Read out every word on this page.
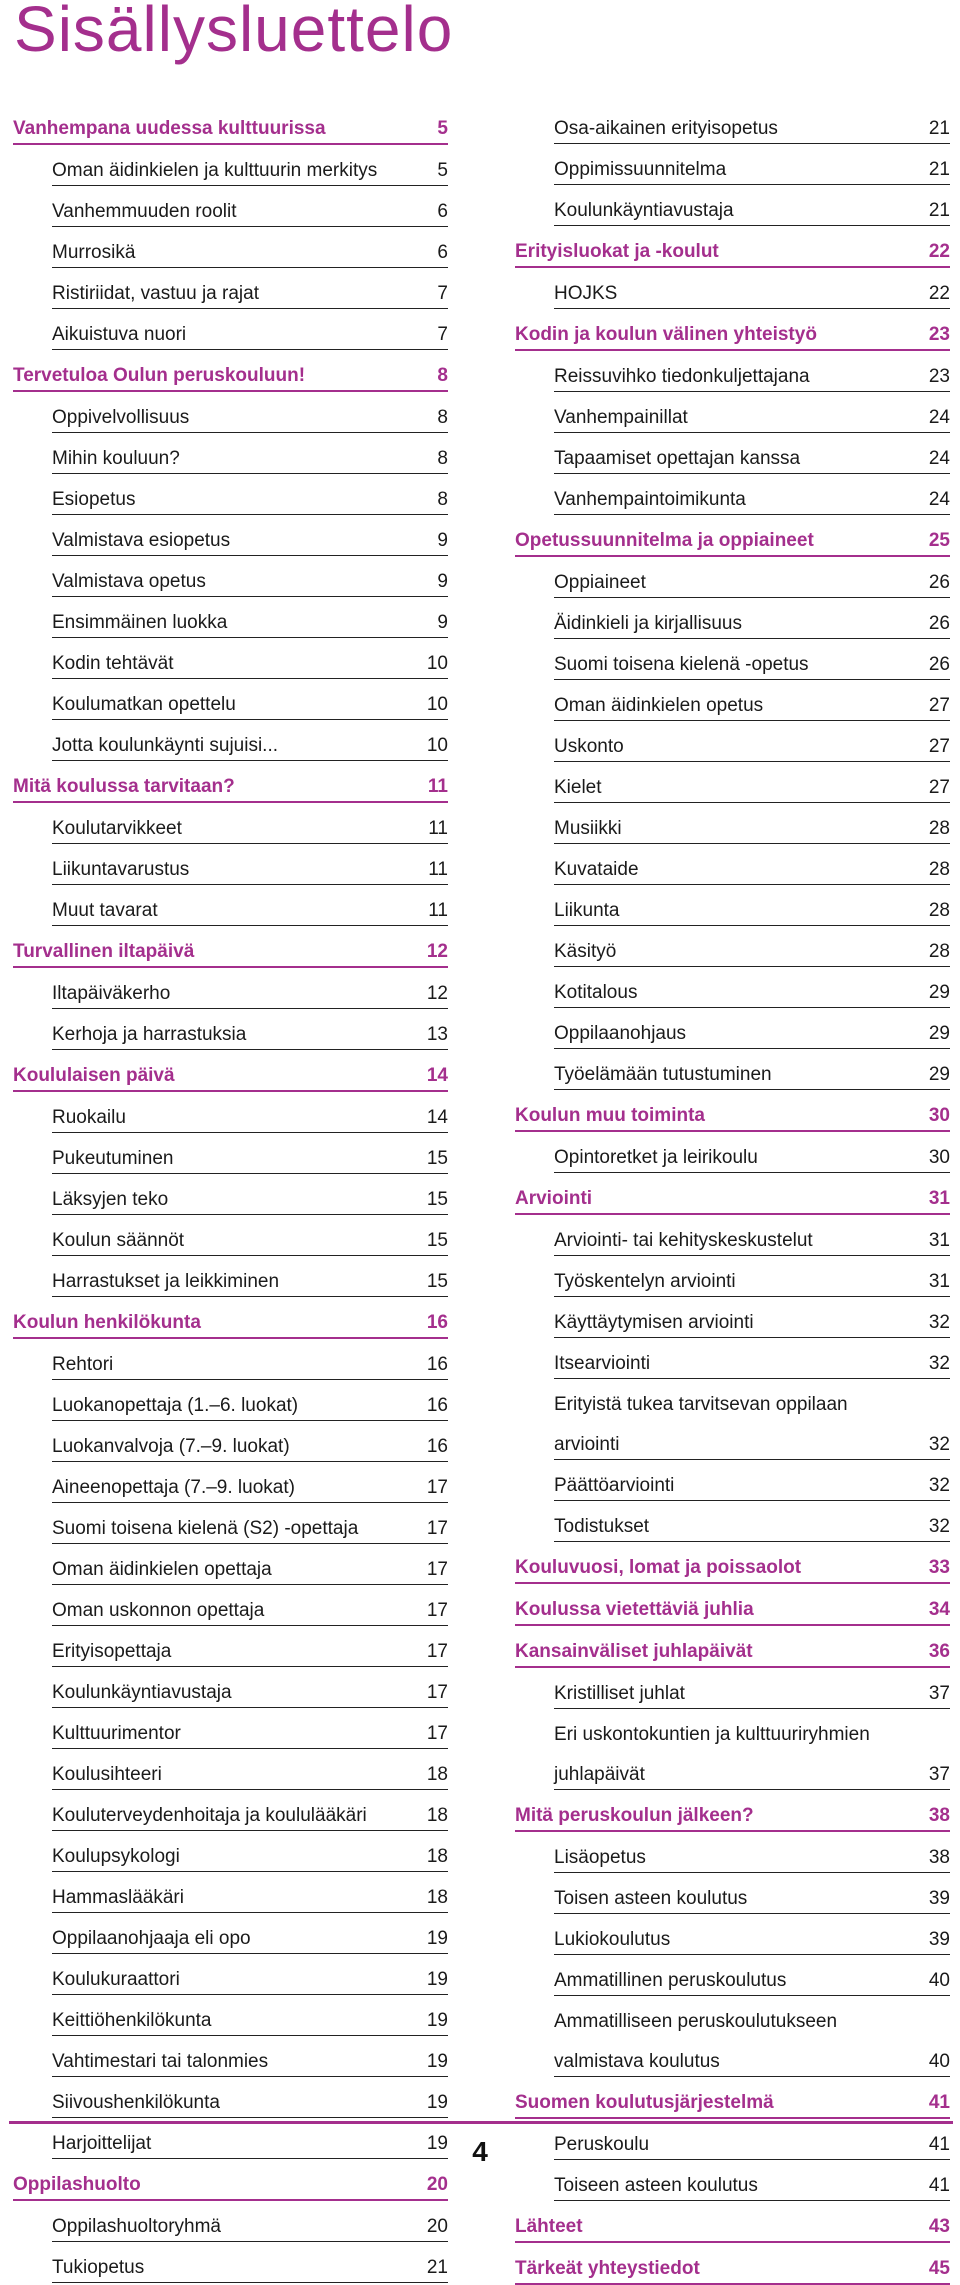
Sisällysluettelo
Vanhempana uudessa kulttuurissa	5
Oman äidinkielen ja kulttuurin merkitys	5
Vanhemmuuden roolit	6
Murrosikä	6
Ristiriidat, vastuu ja rajat	7
Aikuistuva nuori	7
Tervetuloa Oulun peruskouluun!	8
Oppivelvollisuus	8
Mihin kouluun?	8
Esiopetus	8
Valmistava esiopetus	9
Valmistava opetus	9
Ensimmäinen luokka	9
Kodin tehtävät	10
Koulumatkan opettelu	10
Jotta koulunkäynti sujuisi...	10
Mitä koulussa tarvitaan?	11
Koulutarvikkeet	11
Liikuntavarustus	11
Muut tavarat	11
Turvallinen iltapäivä	12
Iltapäiväkerho	12
Kerhoja ja harrastuksia	13
Koululaisen päivä	14
Ruokailu	14
Pukeutuminen	15
Läksyjen teko	15
Koulun säännöt	15
Harrastukset ja leikkiminen	15
Koulun henkilökunta	16
Rehtori	16
Luokanopettaja (1.–6. luokat)	16
Luokanvalvoja (7.–9. luokat)	16
Aineenopettaja (7.–9. luokat)	17
Suomi toisena kielenä (S2) -opettaja	17
Oman äidinkielen opettaja	17
Oman uskonnon opettaja	17
Erityisopettaja	17
Koulunkäyntiavustaja	17
Kulttuurimentor	17
Koulusihteeri	18
Kouluterveydenhoitaja ja koululääkäri	18
Koulupsykologi	18
Hammaslääkäri	18
Oppilaanohjaaja eli opo	19
Koulukuraattori	19
Keittiöhenkilökunta	19
Vahtimestari tai talonmies	19
Siivoushenkilökunta	19
Harjoittelijat	19
Oppilashuolto	20
Oppilashuoltoryhmä	20
Tukiopetus	21
Osa-aikainen erityisopetus	21
Oppimissuunnitelma	21
Koulunkäyntiavustaja	21
Erityisluokat ja -koulut	22
HOJKS	22
Kodin ja koulun välinen yhteistyö	23
Reissuvihko tiedonkuljettajana	23
Vanhempainillat	24
Tapaamiset opettajan kanssa	24
Vanhempaintoimikunta	24
Opetussuunnitelma ja oppiaineet	25
Oppiaineet	26
Äidinkieli ja kirjallisuus	26
Suomi toisena kielenä -opetus	26
Oman äidinkielen opetus	27
Uskonto	27
Kielet	27
Musiikki	28
Kuvataide	28
Liikunta	28
Käsityö	28
Kotitalous	29
Oppilaanohjaus	29
Työelämään tutustuminen	29
Koulun muu toiminta	30
Opintoretket ja leirikoulu	30
Arviointi	31
Arviointi- tai kehityskeskustelut	31
Työskentelyn arviointi	31
Käyttäytymisen arviointi	32
Itsearviointi	32
Erityistä tukea tarvitsevan oppilaan
arviointi	32
Päättöarviointi	32
Todistukset	32
Kouluvuosi, lomat ja poissaolot	33
Koulussa vietettäviä juhlia	34
Kansainväliset juhlapäivät	36
Kristilliset juhlat	37
Eri uskontokuntien ja kulttuuriryhmien
juhlapäivät	37
Mitä peruskoulun jälkeen?	38
Lisäopetus	38
Toisen asteen koulutus	39
Lukiokoulutus	39
Ammatillinen peruskoulutus	40
Ammatilliseen peruskoulutukseen
valmistava koulutus	40
Suomen koulutusjärjestelmä	41
Peruskoulu	41
Toiseen asteen koulutus	41
Lähteet	43
Tärkeät yhteystiedot	45
4
